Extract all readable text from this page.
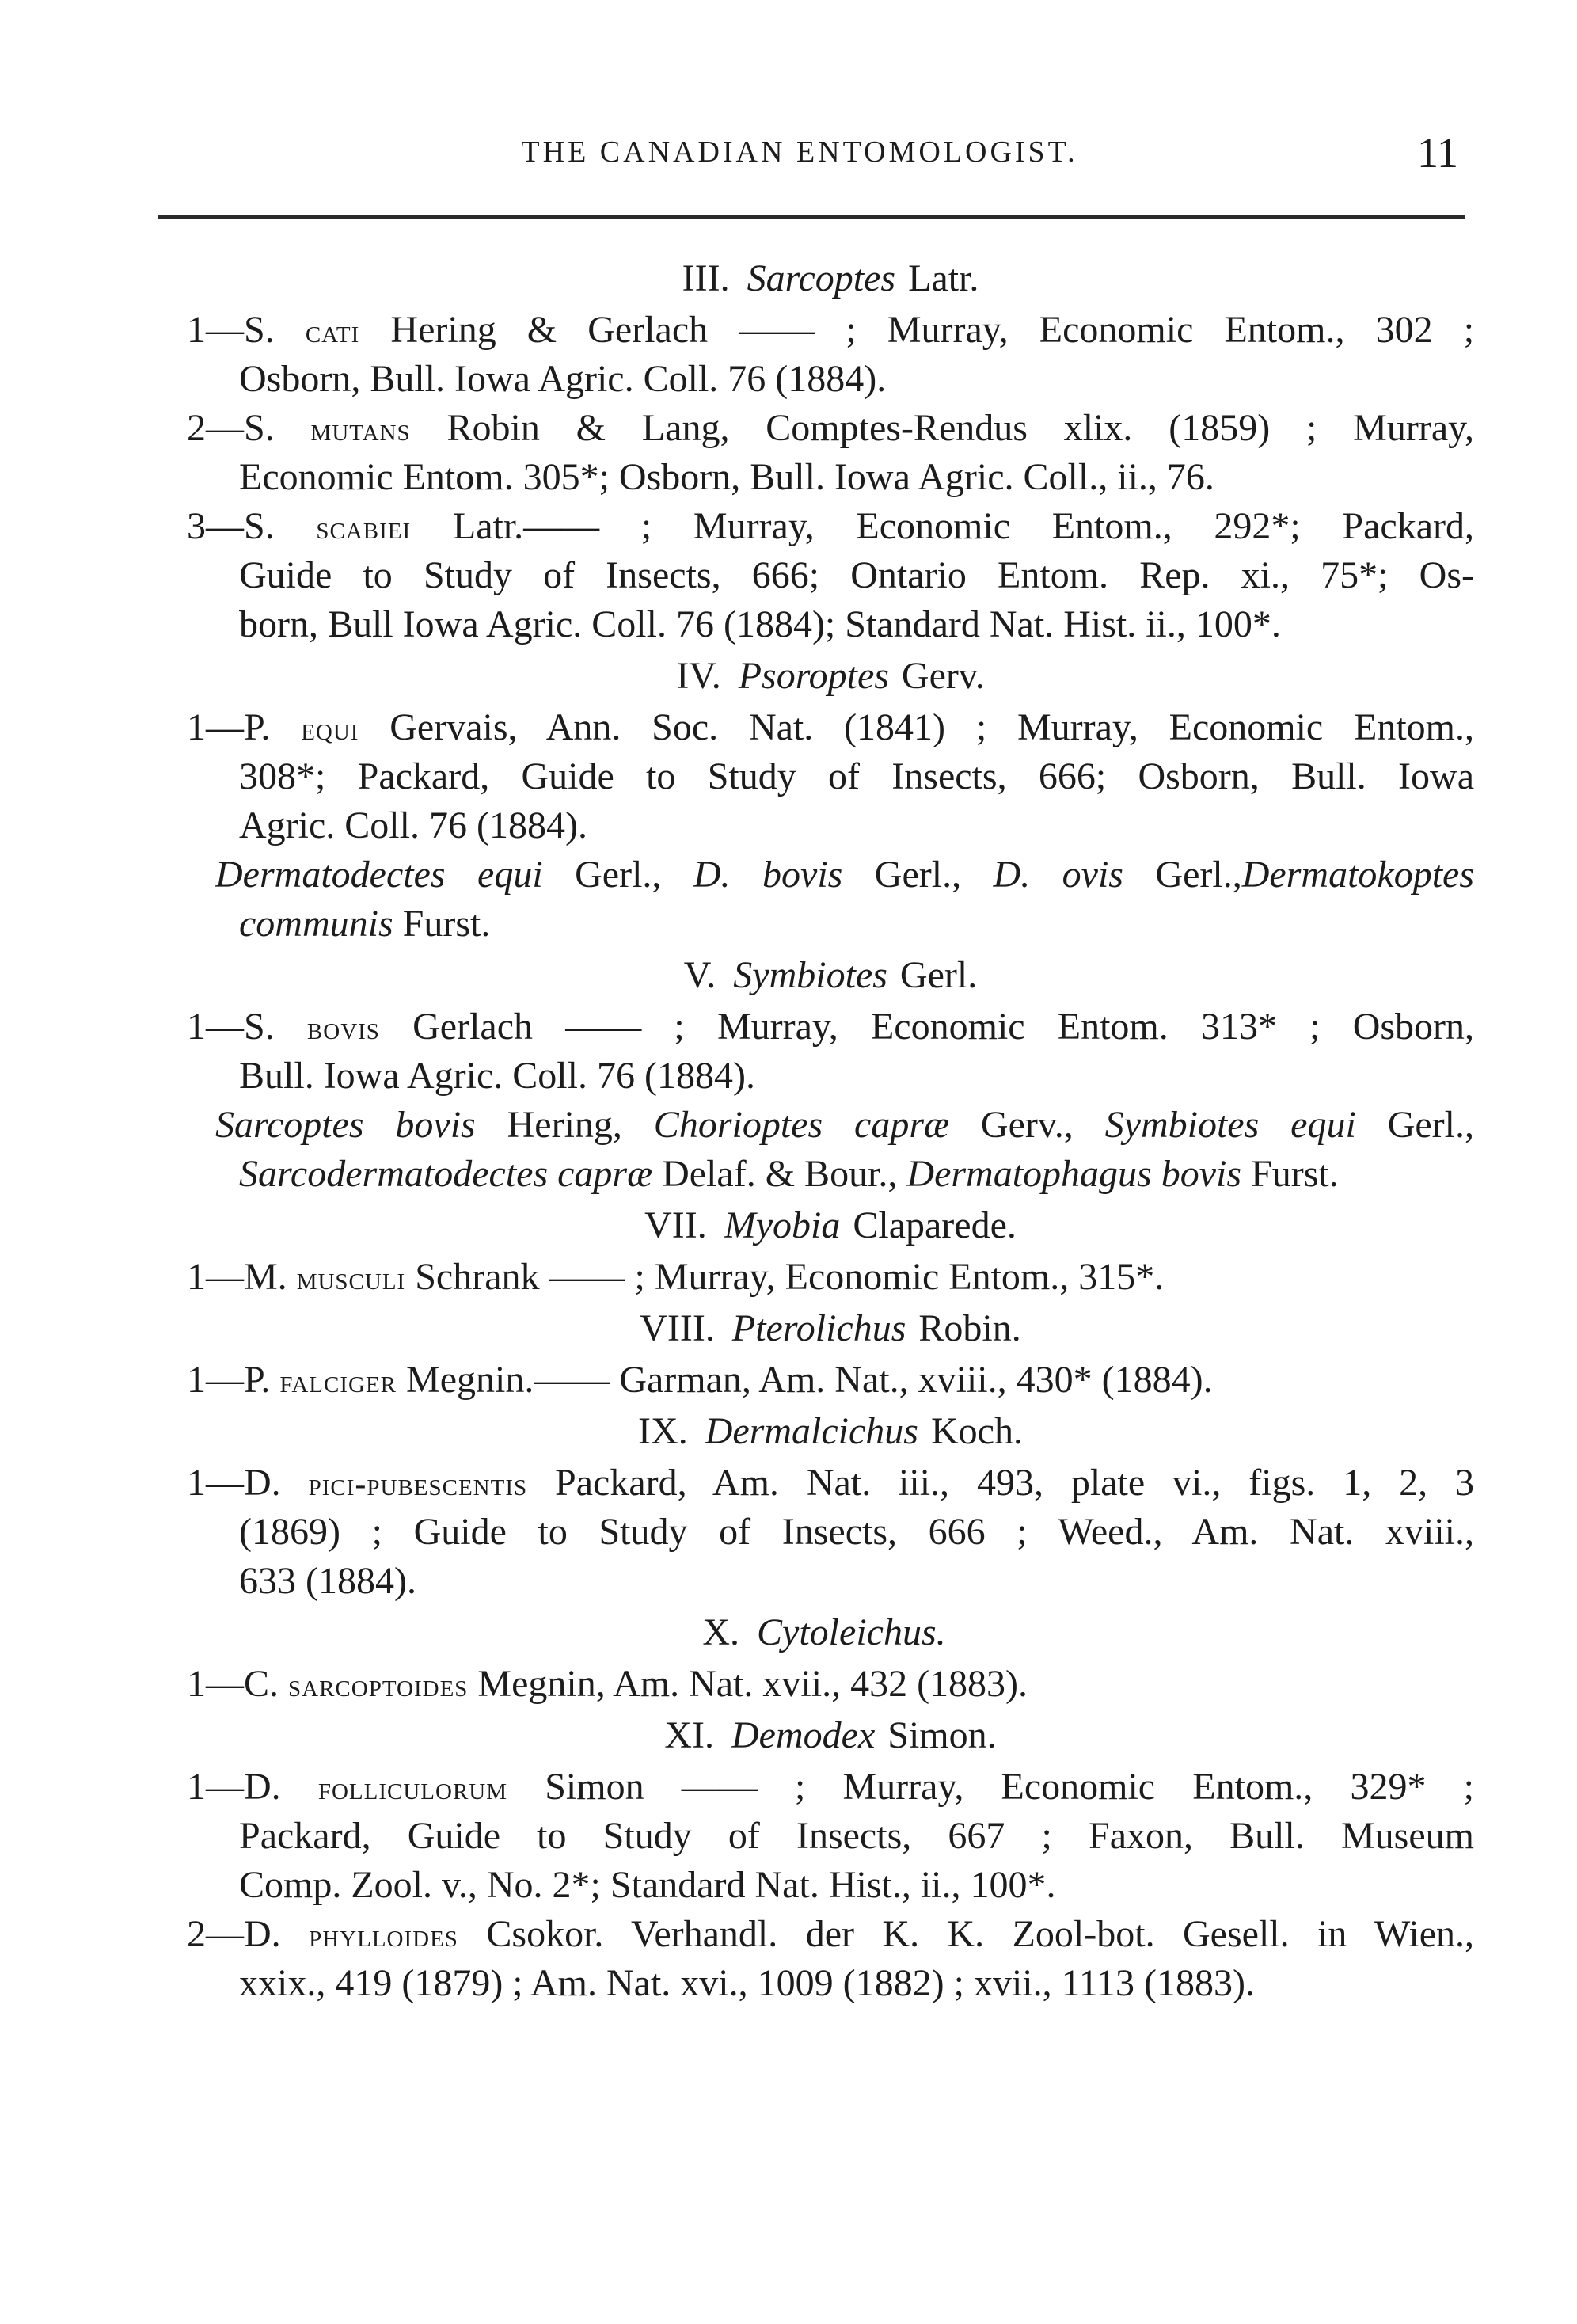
THE CANADIAN ENTOMOLOGIST.	11
III. Sarcoptes Latr.
1—S. cati Hering & Gerlach —— ; Murray, Economic Entom., 302 ;
Osborn, Bull. Iowa Agric. Coll. 76 (1884).
2—S. mutans Robin & Lang, Comptes-Rendus xlix. (1859) ; Murray,
Economic Entom. 305*; Osborn, Bull. Iowa Agric. Coll., ii., 76.
3—S. scabiei Latr.—— ; Murray, Economic Entom., 292*; Packard,
Guide to Study of Insects, 666; Ontario Entom. Rep. xi., 75*; Os-
born, Bull Iowa Agric. Coll. 76 (1884); Standard Nat. Hist. ii., 100*.
IV. Psoroptes Gerv.
1—P. equi Gervais, Ann. Soc. Nat. (1841) ; Murray, Economic Entom.,
308*; Packard, Guide to Study of Insects, 666; Osborn, Bull. Iowa
Agric. Coll. 76 (1884).
Dermatodectes equi Gerl., D. bovis Gerl., D. ovis Gerl.,Dermatokoptes
communis Furst.
V. Symbiotes Gerl.
1—S. bovis Gerlach —— ; Murray, Economic Entom. 313* ; Osborn,
Bull. Iowa Agric. Coll. 76 (1884).
Sarcoptes bovis Hering, Chorioptes capræ Gerv., Symbiotes equi Gerl.,
Sarcodermatodectes capræ Delaf. & Bour., Dermatophagus bovis Furst.
VII. Myobia Claparede.
1—M. musculi Schrank —— ; Murray, Economic Entom., 315*.
VIII. Pterolichus Robin.
1—P. falciger Megnin.—— Garman, Am. Nat., xviii., 430* (1884).
IX. Dermalcichus Koch.
1—D. pici-pubescentis Packard, Am. Nat. iii., 493, plate vi., figs. 1, 2, 3
(1869) ; Guide to Study of Insects, 666 ; Weed., Am. Nat. xviii.,
633 (1884).
X. Cytoleichus.
1—C. sarcoptoides Megnin, Am. Nat. xvii., 432 (1883).
XI. Demodex Simon.
1—D. folliculorum Simon —— ; Murray, Economic Entom., 329* ;
Packard, Guide to Study of Insects, 667 ; Faxon, Bull. Museum
Comp. Zool. v., No. 2*; Standard Nat. Hist., ii., 100*.
2—D. phylloides Csokor. Verhandl. der K. K. Zool-bot. Gesell. in Wien.,
xxix., 419 (1879) ; Am. Nat. xvi., 1009 (1882) ; xvii., 1113 (1883).
